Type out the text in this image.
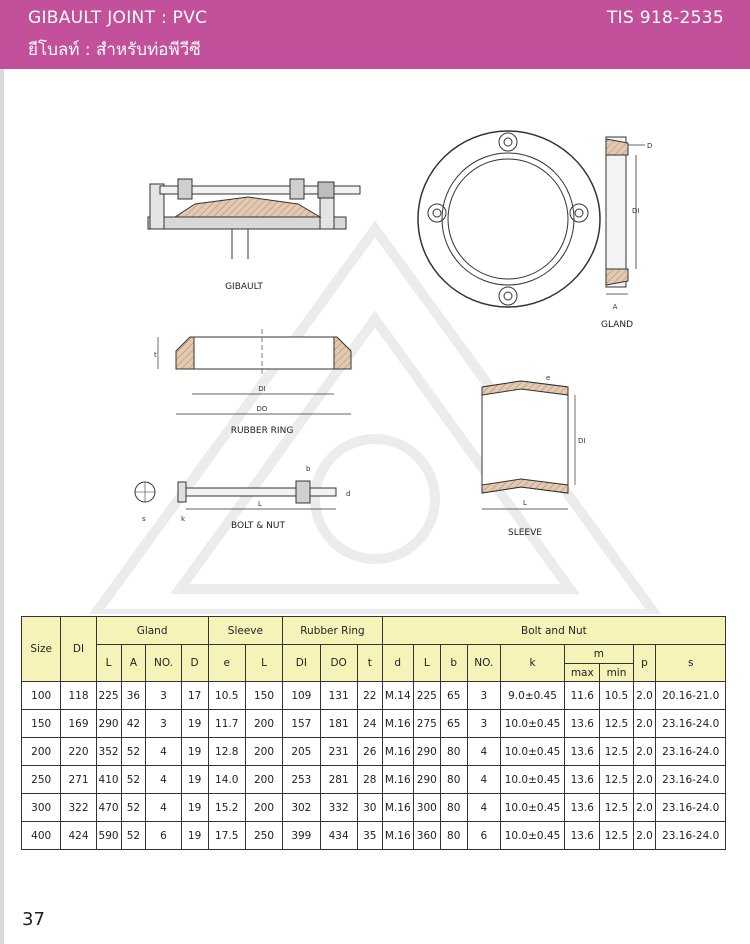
GIBAULT JOINT : PVC
ยีโบลท์ : สำหรับท่อพีวีซี
TIS 918-2535
GIBAULT
D
DI
A
GLAND
t
DI
DO
RUBBER RING
DI
e
L
SLEEVE
s	k
L
b
d
BOLT & NUT
Size	DI	Gland				Sleeve		Rubber Ring			Bolt and Nut								
		L	A	NO.	D	e	L	DI	DO	t	d	L	b	NO.	k	m		p	s
																max	min		
100	118	225	36	3	17	10.5	150	109	131	22	M.14	225	65	3	9.0±0.45	11.6	10.5	2.0	20.16-21.0
150	169	290	42	3	19	11.7	200	157	181	24	M.16	275	65	3	10.0±0.45	13.6	12.5	2.0	23.16-24.0
200	220	352	52	4	19	12.8	200	205	231	26	M.16	290	80	4	10.0±0.45	13.6	12.5	2.0	23.16-24.0
250	271	410	52	4	19	14.0	200	253	281	28	M.16	290	80	4	10.0±0.45	13.6	12.5	2.0	23.16-24.0
300	322	470	52	4	19	15.2	200	302	332	30	M.16	300	80	4	10.0±0.45	13.6	12.5	2.0	23.16-24.0
400	424	590	52	6	19	17.5	250	399	434	35	M.16	360	80	6	10.0±0.45	13.6	12.5	2.0	23.16-24.0
37
